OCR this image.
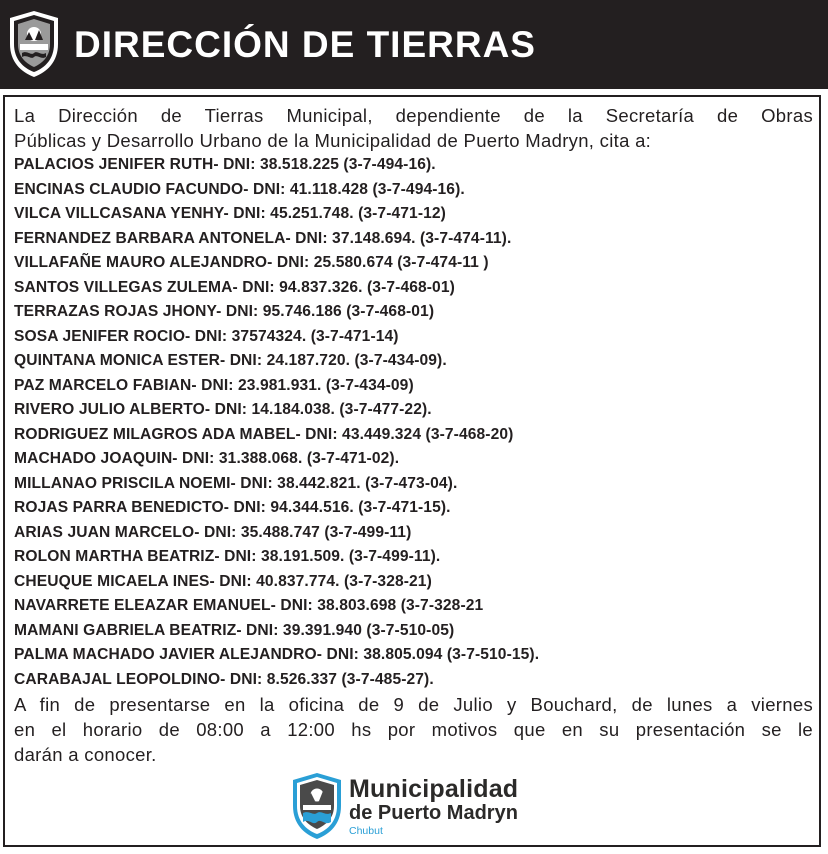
DIRECCIÓN DE TIERRAS

La Dirección de Tierras Municipal, dependiente de la Secretaría de Obras
Públicas y Desarrollo Urbano de la Municipalidad de Puerto Madryn, cita a:

PALACIOS JENIFER RUTH- DNI: 38.518.225 (3-7-494-16).
ENCINAS CLAUDIO FACUNDO- DNI: 41.118.428 (3-7-494-16).
VILCA VILLCASANA YENHY- DNI: 45.251.748. (3-7-471-12)
FERNANDEZ BARBARA ANTONELA- DNI: 37.148.694. (3-7-474-11).
VILLAFAÑE MAURO ALEJANDRO- DNI: 25.580.674 (3-7-474-11 )
SANTOS VILLEGAS ZULEMA- DNI: 94.837.326. (3-7-468-01)
TERRAZAS ROJAS JHONY- DNI: 95.746.186 (3-7-468-01)
SOSA JENIFER ROCIO- DNI: 37574324. (3-7-471-14)
QUINTANA MONICA ESTER- DNI: 24.187.720. (3-7-434-09).
PAZ MARCELO FABIAN- DNI: 23.981.931. (3-7-434-09)
RIVERO JULIO ALBERTO- DNI: 14.184.038. (3-7-477-22).
RODRIGUEZ MILAGROS ADA MABEL- DNI: 43.449.324 (3-7-468-20)
MACHADO JOAQUIN- DNI: 31.388.068. (3-7-471-02).
MILLANAO PRISCILA NOEMI- DNI: 38.442.821. (3-7-473-04).
ROJAS PARRA BENEDICTO- DNI: 94.344.516. (3-7-471-15).
ARIAS JUAN MARCELO- DNI: 35.488.747 (3-7-499-11)
ROLON MARTHA BEATRIZ- DNI: 38.191.509. (3-7-499-11).
CHEUQUE MICAELA INES- DNI: 40.837.774. (3-7-328-21)
NAVARRETE ELEAZAR EMANUEL- DNI: 38.803.698 (3-7-328-21
MAMANI GABRIELA BEATRIZ- DNI: 39.391.940 (3-7-510-05)
PALMA MACHADO JAVIER ALEJANDRO- DNI: 38.805.094 (3-7-510-15).
CARABAJAL LEOPOLDINO- DNI: 8.526.337 (3-7-485-27).

A fin de presentarse en la oficina de 9 de Julio y Bouchard, de lunes a viernes
en el horario de 08:00 a 12:00 hs por motivos que en su presentación se le
darán a conocer.

Municipalidad
de Puerto Madryn
Chubut
